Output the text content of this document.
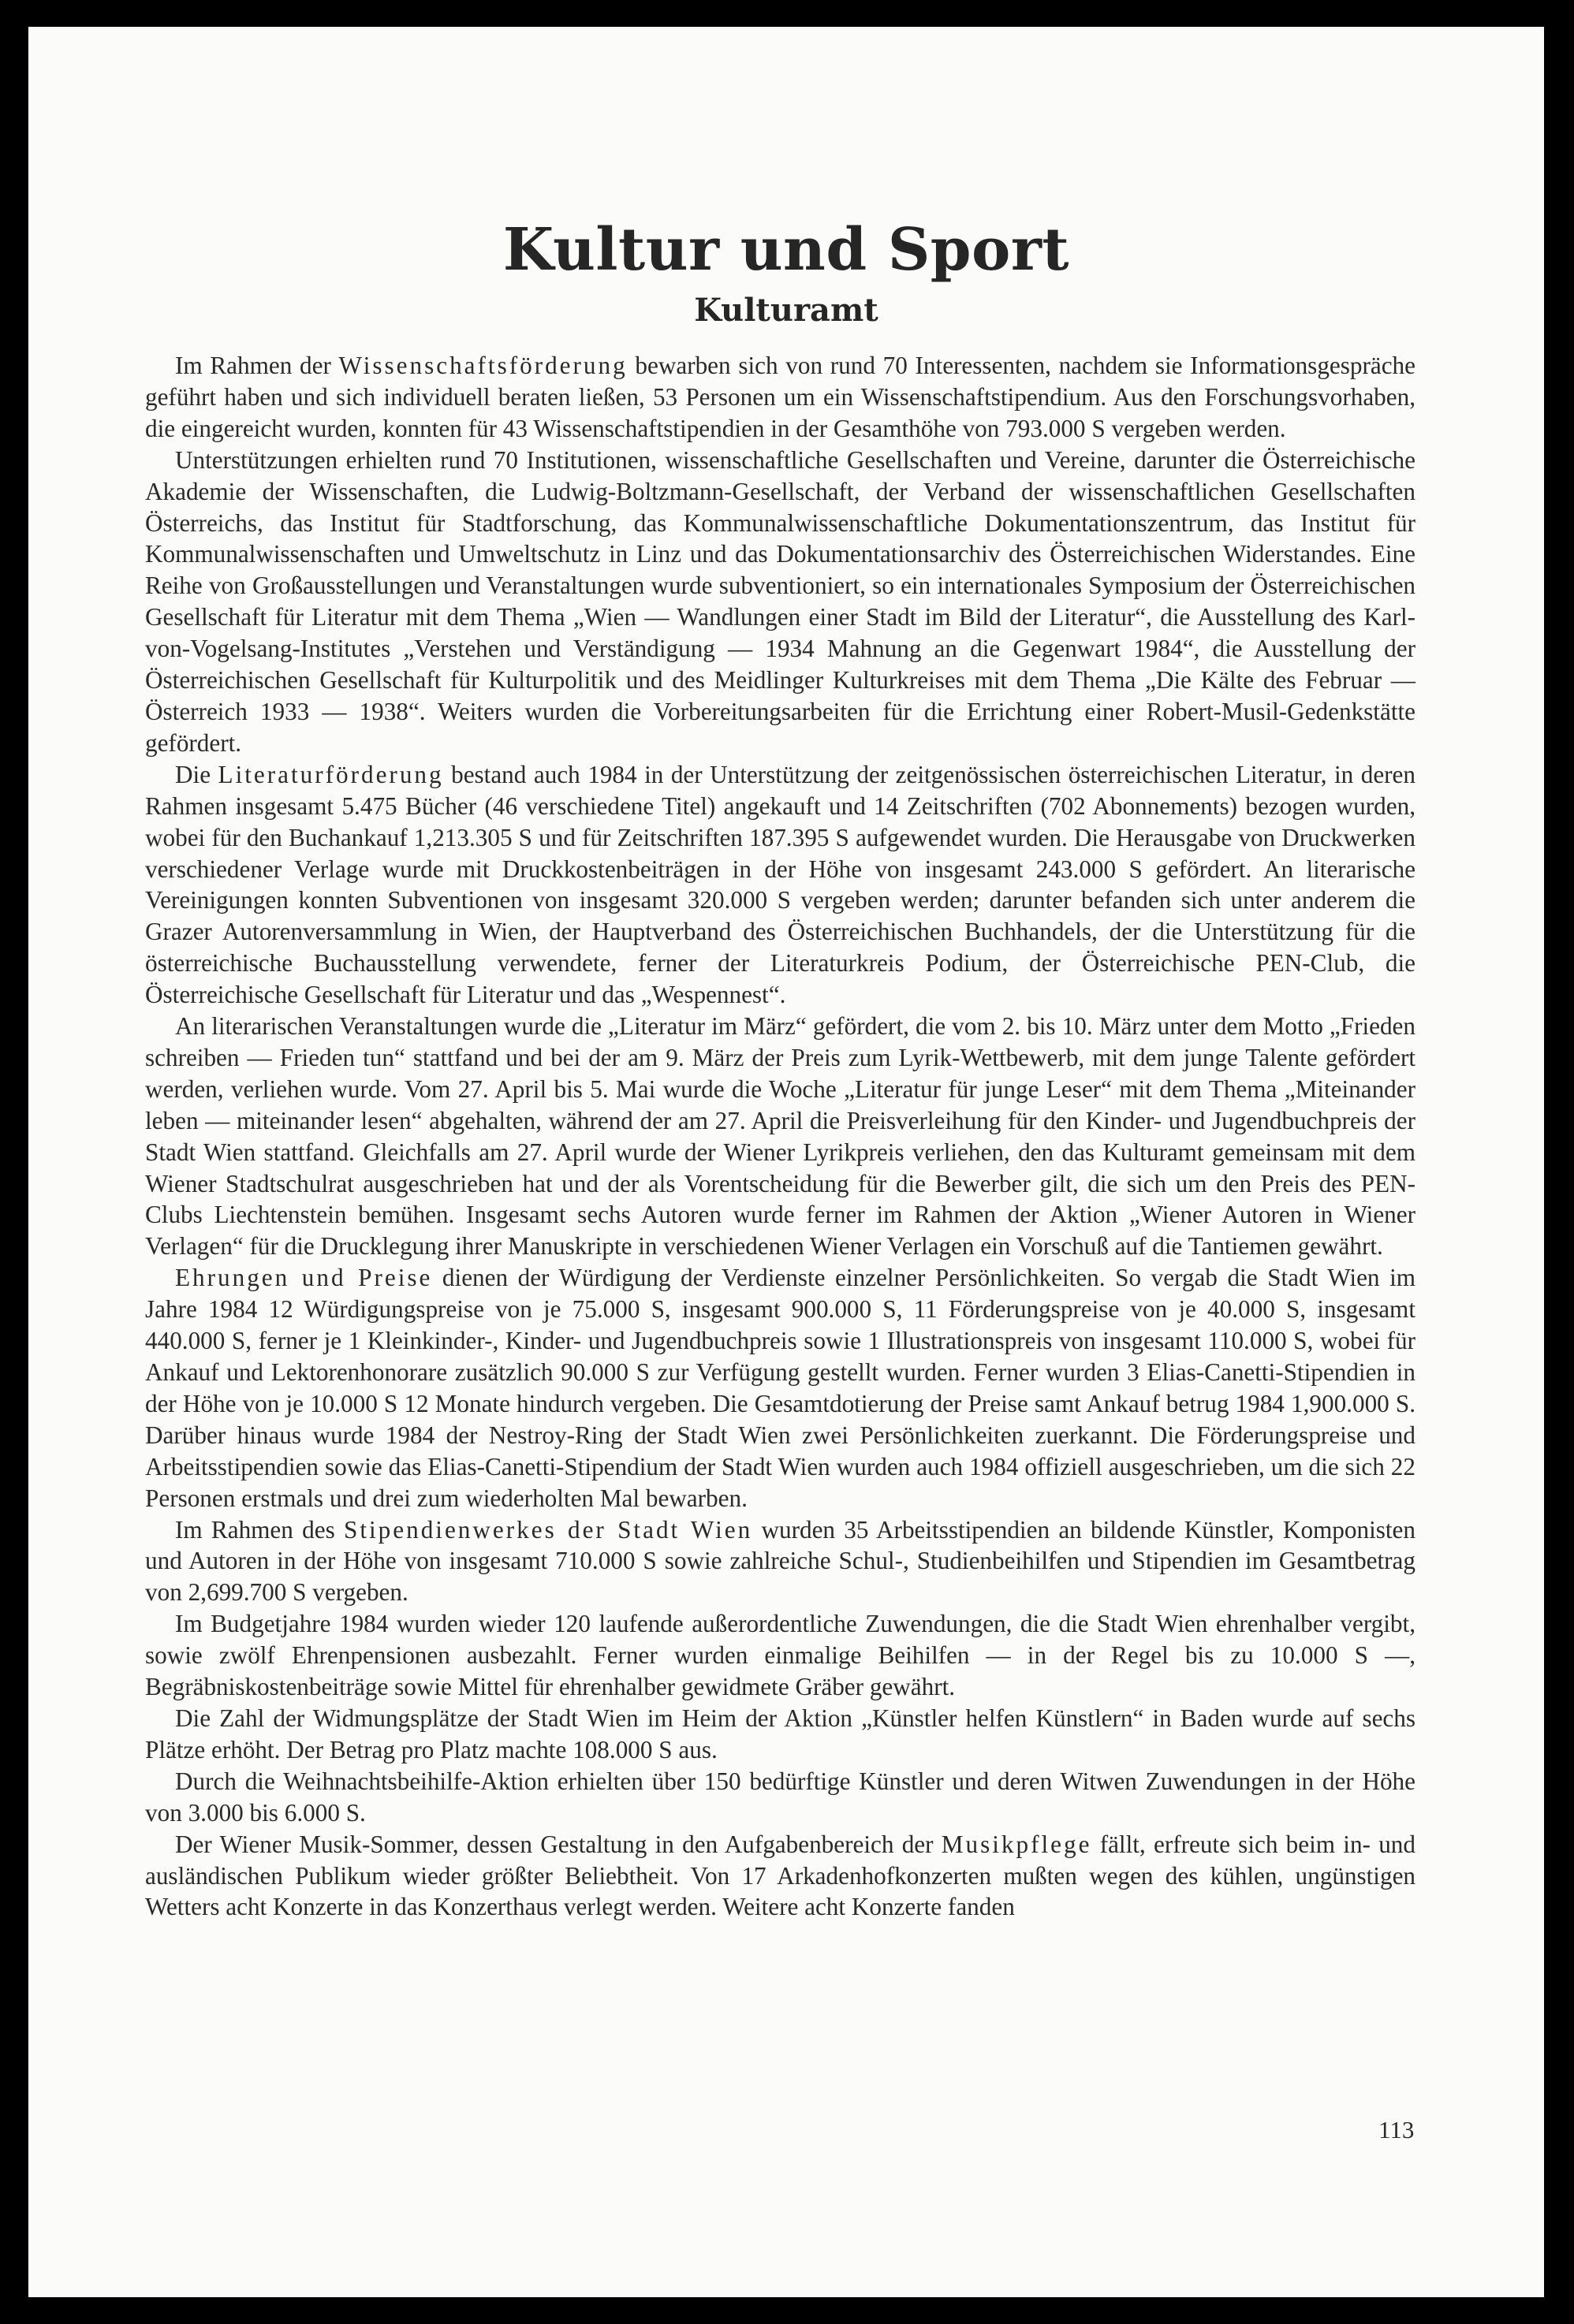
Kultur und Sport
Kulturamt

Im Rahmen der Wissenschaftsförderung bewarben sich von rund 70 Interessenten, nachdem sie Informationsgespräche geführt haben und sich individuell beraten ließen, 53 Personen um ein Wissenschaftstipendium. Aus den Forschungsvorhaben, die eingereicht wurden, konnten für 43 Wissenschaftstipendien in der Gesamthöhe von 793.000 S vergeben werden.

Unterstützungen erhielten rund 70 Institutionen, wissenschaftliche Gesellschaften und Vereine, darunter die Österreichische Akademie der Wissenschaften, die Ludwig-Boltzmann-Gesellschaft, der Verband der wissenschaftlichen Gesellschaften Österreichs, das Institut für Stadtforschung, das Kommunalwissenschaftliche Dokumentationszentrum, das Institut für Kommunalwissenschaften und Umweltschutz in Linz und das Dokumentationsarchiv des Österreichischen Widerstandes. Eine Reihe von Großausstellungen und Veranstaltungen wurde subventioniert, so ein internationales Symposium der Österreichischen Gesellschaft für Literatur mit dem Thema „Wien — Wandlungen einer Stadt im Bild der Literatur“, die Ausstellung des Karl-von-Vogelsang-Institutes „Verstehen und Verständigung — 1934 Mahnung an die Gegenwart 1984“, die Ausstellung der Österreichischen Gesellschaft für Kulturpolitik und des Meidlinger Kulturkreises mit dem Thema „Die Kälte des Februar — Österreich 1933 — 1938“. Weiters wurden die Vorbereitungsarbeiten für die Errichtung einer Robert-Musil-Gedenkstätte gefördert.

Die Literaturförderung bestand auch 1984 in der Unterstützung der zeitgenössischen österreichischen Literatur, in deren Rahmen insgesamt 5.475 Bücher (46 verschiedene Titel) angekauft und 14 Zeitschriften (702 Abonnements) bezogen wurden, wobei für den Buchankauf 1,213.305 S und für Zeitschriften 187.395 S aufgewendet wurden. Die Herausgabe von Druckwerken verschiedener Verlage wurde mit Druckkostenbeiträgen in der Höhe von insgesamt 243.000 S gefördert. An literarische Vereinigungen konnten Subventionen von insgesamt 320.000 S vergeben werden; darunter befanden sich unter anderem die Grazer Autorenversammlung in Wien, der Hauptverband des Österreichischen Buchhandels, der die Unterstützung für die österreichische Buchausstellung verwendete, ferner der Literaturkreis Podium, der Österreichische PEN-Club, die Österreichische Gesellschaft für Literatur und das „Wespennest“.

An literarischen Veranstaltungen wurde die „Literatur im März“ gefördert, die vom 2. bis 10. März unter dem Motto „Frieden schreiben — Frieden tun“ stattfand und bei der am 9. März der Preis zum Lyrik-Wettbewerb, mit dem junge Talente gefördert werden, verliehen wurde. Vom 27. April bis 5. Mai wurde die Woche „Literatur für junge Leser“ mit dem Thema „Miteinander leben — miteinander lesen“ abgehalten, während der am 27. April die Preisverleihung für den Kinder- und Jugendbuchpreis der Stadt Wien stattfand. Gleichfalls am 27. April wurde der Wiener Lyrikpreis verliehen, den das Kulturamt gemeinsam mit dem Wiener Stadtschulrat ausgeschrieben hat und der als Vorentscheidung für die Bewerber gilt, die sich um den Preis des PEN-Clubs Liechtenstein bemühen. Insgesamt sechs Autoren wurde ferner im Rahmen der Aktion „Wiener Autoren in Wiener Verlagen“ für die Drucklegung ihrer Manuskripte in verschiedenen Wiener Verlagen ein Vorschuß auf die Tantiemen gewährt.

Ehrungen und Preise dienen der Würdigung der Verdienste einzelner Persönlichkeiten. So vergab die Stadt Wien im Jahre 1984 12 Würdigungspreise von je 75.000 S, insgesamt 900.000 S, 11 Förderungspreise von je 40.000 S, insgesamt 440.000 S, ferner je 1 Kleinkinder-, Kinder- und Jugendbuchpreis sowie 1 Illustrationspreis von insgesamt 110.000 S, wobei für Ankauf und Lektorenhonorare zusätzlich 90.000 S zur Verfügung gestellt wurden. Ferner wurden 3 Elias-Canetti-Stipendien in der Höhe von je 10.000 S 12 Monate hindurch vergeben. Die Gesamtdotierung der Preise samt Ankauf betrug 1984 1,900.000 S. Darüber hinaus wurde 1984 der Nestroy-Ring der Stadt Wien zwei Persönlichkeiten zuerkannt. Die Förderungspreise und Arbeitsstipendien sowie das Elias-Canetti-Stipendium der Stadt Wien wurden auch 1984 offiziell ausgeschrieben, um die sich 22 Personen erstmals und drei zum wiederholten Mal bewarben.

Im Rahmen des Stipendienwerkes der Stadt Wien wurden 35 Arbeitsstipendien an bildende Künstler, Komponisten und Autoren in der Höhe von insgesamt 710.000 S sowie zahlreiche Schul-, Studienbeihilfen und Stipendien im Gesamtbetrag von 2,699.700 S vergeben.

Im Budgetjahre 1984 wurden wieder 120 laufende außerordentliche Zuwendungen, die die Stadt Wien ehrenhalber vergibt, sowie zwölf Ehrenpensionen ausbezahlt. Ferner wurden einmalige Beihilfen — in der Regel bis zu 10.000 S —, Begräbniskostenbeiträge sowie Mittel für ehrenhalber gewidmete Gräber gewährt.

Die Zahl der Widmungsplätze der Stadt Wien im Heim der Aktion „Künstler helfen Künstlern“ in Baden wurde auf sechs Plätze erhöht. Der Betrag pro Platz machte 108.000 S aus.

Durch die Weihnachtsbeihilfe-Aktion erhielten über 150 bedürftige Künstler und deren Witwen Zuwendungen in der Höhe von 3.000 bis 6.000 S.

Der Wiener Musik-Sommer, dessen Gestaltung in den Aufgabenbereich der Musikpflege fällt, erfreute sich beim in- und ausländischen Publikum wieder größter Beliebtheit. Von 17 Arkadenhofkonzerten mußten wegen des kühlen, ungünstigen Wetters acht Konzerte in das Konzerthaus verlegt werden. Weitere acht Konzerte fanden

113
